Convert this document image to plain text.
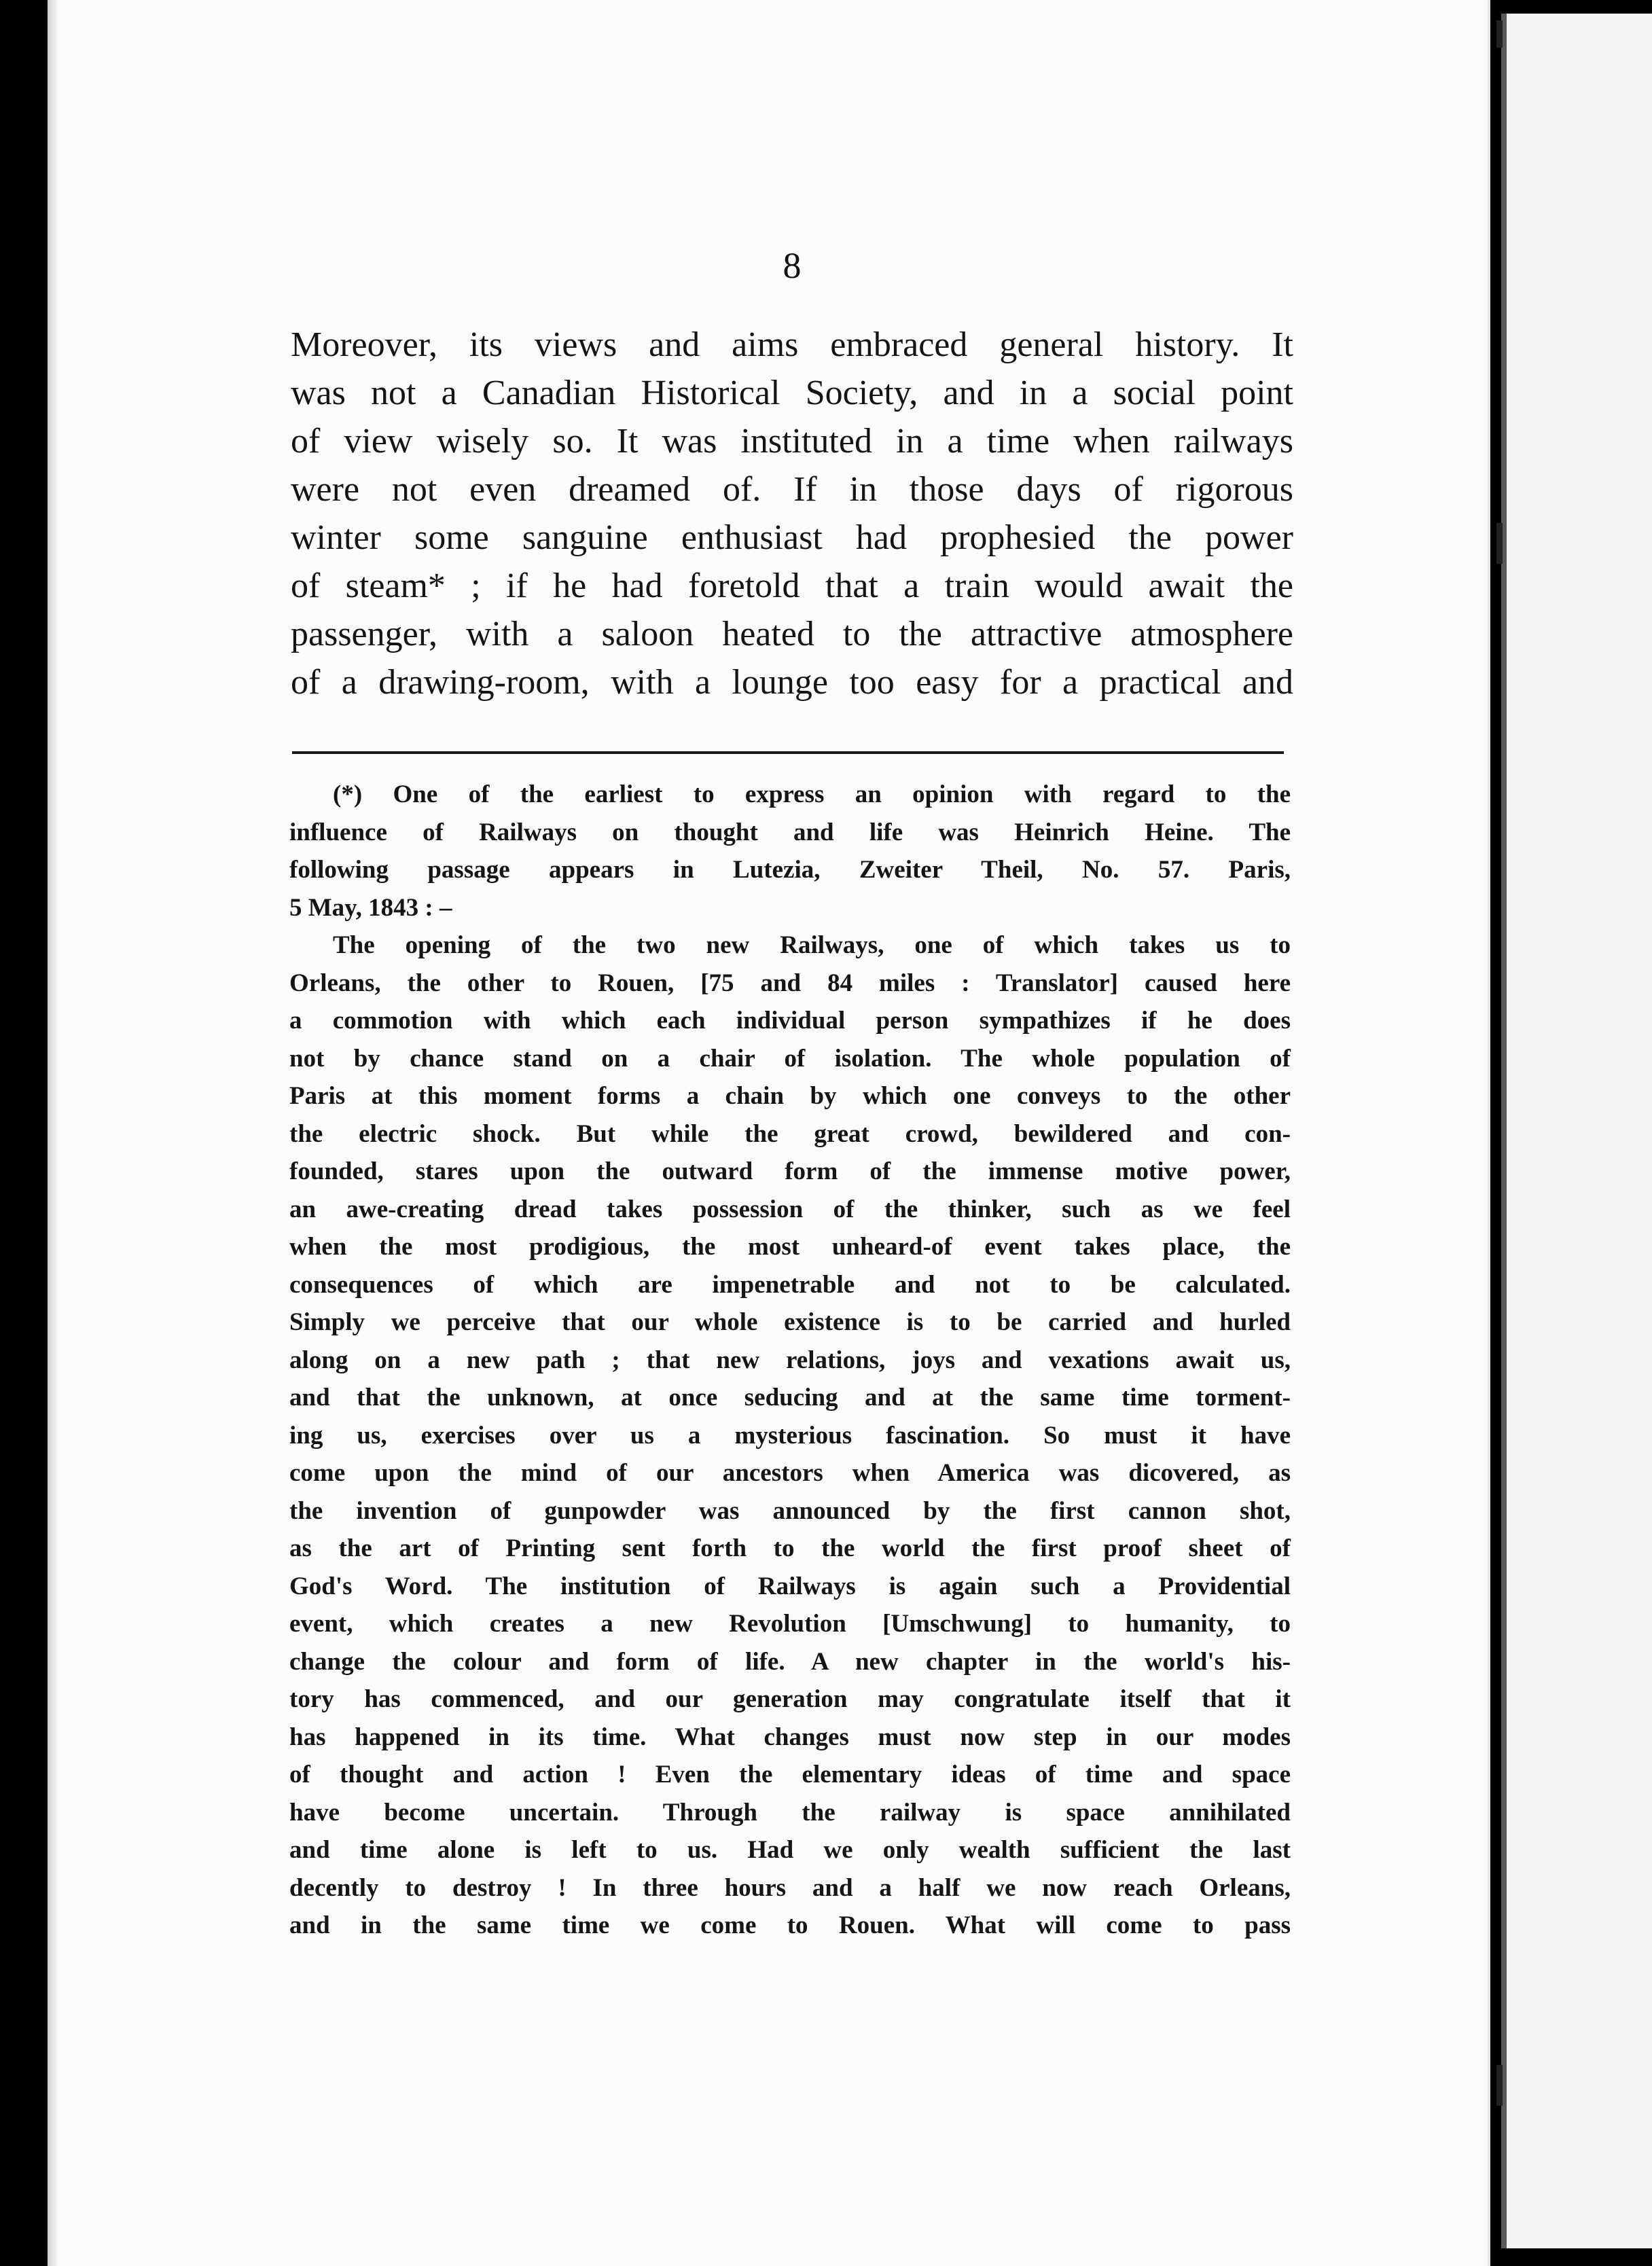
8
Moreover, its views and aims embraced general history. It
was not a Canadian Historical Society, and in a social point
of view wisely so. It was instituted in a time when railways
were not even dreamed of. If in those days of rigorous
winter some sanguine enthusiast had prophesied the power
of steam* ; if he had foretold that a train would await the
passenger, with a saloon heated to the attractive atmosphere
of a drawing-room, with a lounge too easy for a practical and
(*) One of the earliest to express an opinion with regard to the
influence of Railways on thought and life was Heinrich Heine. The
following passage appears in Lutezia, Zweiter Theil, No. 57. Paris,
5 May, 1843 : –
The opening of the two new Railways, one of which takes us to
Orleans, the other to Rouen, [75 and 84 miles : Translator] caused here
a commotion with which each individual person sympathizes if he does
not by chance stand on a chair of isolation. The whole population of
Paris at this moment forms a chain by which one conveys to the other
the electric shock. But while the great crowd, bewildered and con-
founded, stares upon the outward form of the immense motive power,
an awe-creating dread takes possession of the thinker, such as we feel
when the most prodigious, the most unheard-of event takes place, the
consequences of which are impenetrable and not to be calculated.
Simply we perceive that our whole existence is to be carried and hurled
along on a new path ; that new relations, joys and vexations await us,
and that the unknown, at once seducing and at the same time torment-
ing us, exercises over us a mysterious fascination. So must it have
come upon the mind of our ancestors when America was dicovered, as
the invention of gunpowder was announced by the first cannon shot,
as the art of Printing sent forth to the world the first proof sheet of
God's Word. The institution of Railways is again such a Providential
event, which creates a new Revolution [Umschwung] to humanity, to
change the colour and form of life. A new chapter in the world's his-
tory has commenced, and our generation may congratulate itself that it
has happened in its time. What changes must now step in our modes
of thought and action ! Even the elementary ideas of time and space
have become uncertain. Through the railway is space annihilated
and time alone is left to us. Had we only wealth sufficient the last
decently to destroy ! In three hours and a half we now reach Orleans,
and in the same time we come to Rouen. What will come to pass
